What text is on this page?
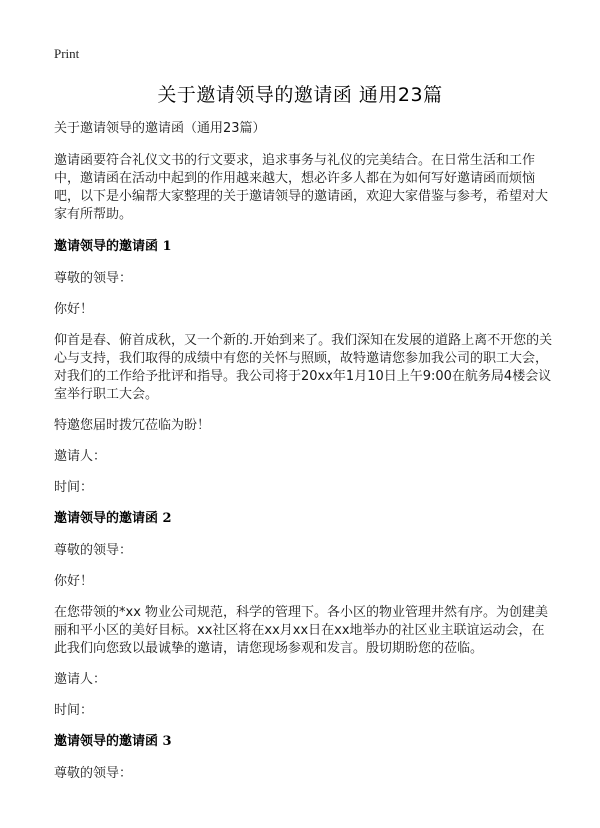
Print
关于邀请领导的邀请函 通用23篇

关于邀请领导的邀请函（通用23篇）

邀请函要符合礼仪文书的行文要求，追求事务与礼仪的完美结合。在日常生活和工作中，邀请函在活动中起到的作用越来越大，想必许多人都在为如何写好邀请函而烦恼吧，以下是小编帮大家整理的关于邀请领导的邀请函，欢迎大家借鉴与参考，希望对大家有所帮助。

邀请领导的邀请函 1

尊敬的领导：

你好！

仰首是春、俯首成秋，又一个新的.开始到来了。我们深知在发展的道路上离不开您的关心与支持，我们取得的成绩中有您的关怀与照顾，故特邀请您参加我公司的职工大会，对我们的工作给予批评和指导。我公司将于20xx年1月10日上午9:00在航务局4楼会议室举行职工大会。

特邀您届时拨冗莅临为盼！

邀请人：

时间：

邀请领导的邀请函 2

尊敬的领导：

你好！

在您带领的*xx 物业公司规范，科学的管理下。各小区的物业管理井然有序。为创建美丽和平小区的美好目标。xx社区将在xx月xx日在xx地举办的社区业主联谊运动会，在此我们向您致以最诚挚的邀请，请您现场参观和发言。殷切期盼您的莅临。

邀请人：

时间：

邀请领导的邀请函 3

尊敬的领导：
